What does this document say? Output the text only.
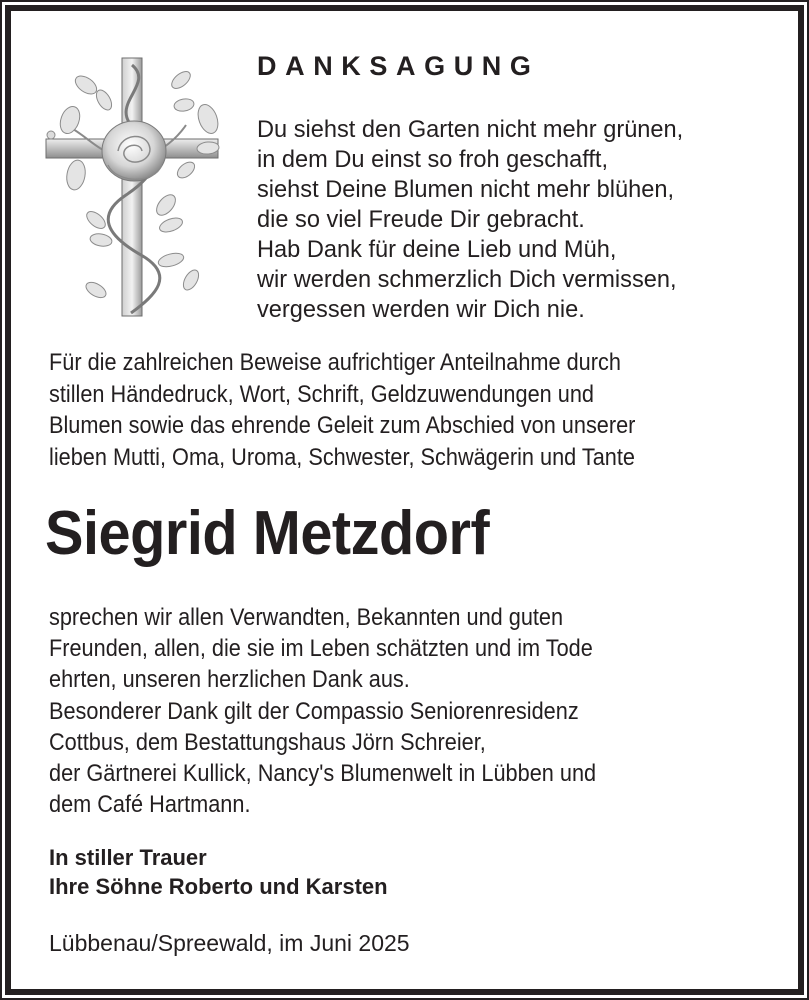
DANKSAGUNG
Du siehst den Garten nicht mehr grünen,
in dem Du einst so froh geschafft,
siehst Deine Blumen nicht mehr blühen,
die so viel Freude Dir gebracht.
Hab Dank für deine Lieb und Müh,
wir werden schmerzlich Dich vermissen,
vergessen werden wir Dich nie.
Für die zahlreichen Beweise aufrichtiger Anteilnahme durch
stillen Händedruck, Wort, Schrift, Geldzuwendungen und
Blumen sowie das ehrende Geleit zum Abschied von unserer
lieben Mutti, Oma, Uroma, Schwester, Schwägerin und Tante
Siegrid Metzdorf
sprechen wir allen Verwandten, Bekannten und guten
Freunden, allen, die sie im Leben schätzten und im Tode
ehrten, unseren herzlichen Dank aus.
Besonderer Dank gilt der Compassio Seniorenresidenz
Cottbus, dem Bestattungshaus Jörn Schreier,
der Gärtnerei Kullick, Nancy's Blumenwelt in Lübben und
dem Café Hartmann.
In stiller Trauer
Ihre Söhne Roberto und Karsten
Lübbenau/Spreewald, im Juni 2025
